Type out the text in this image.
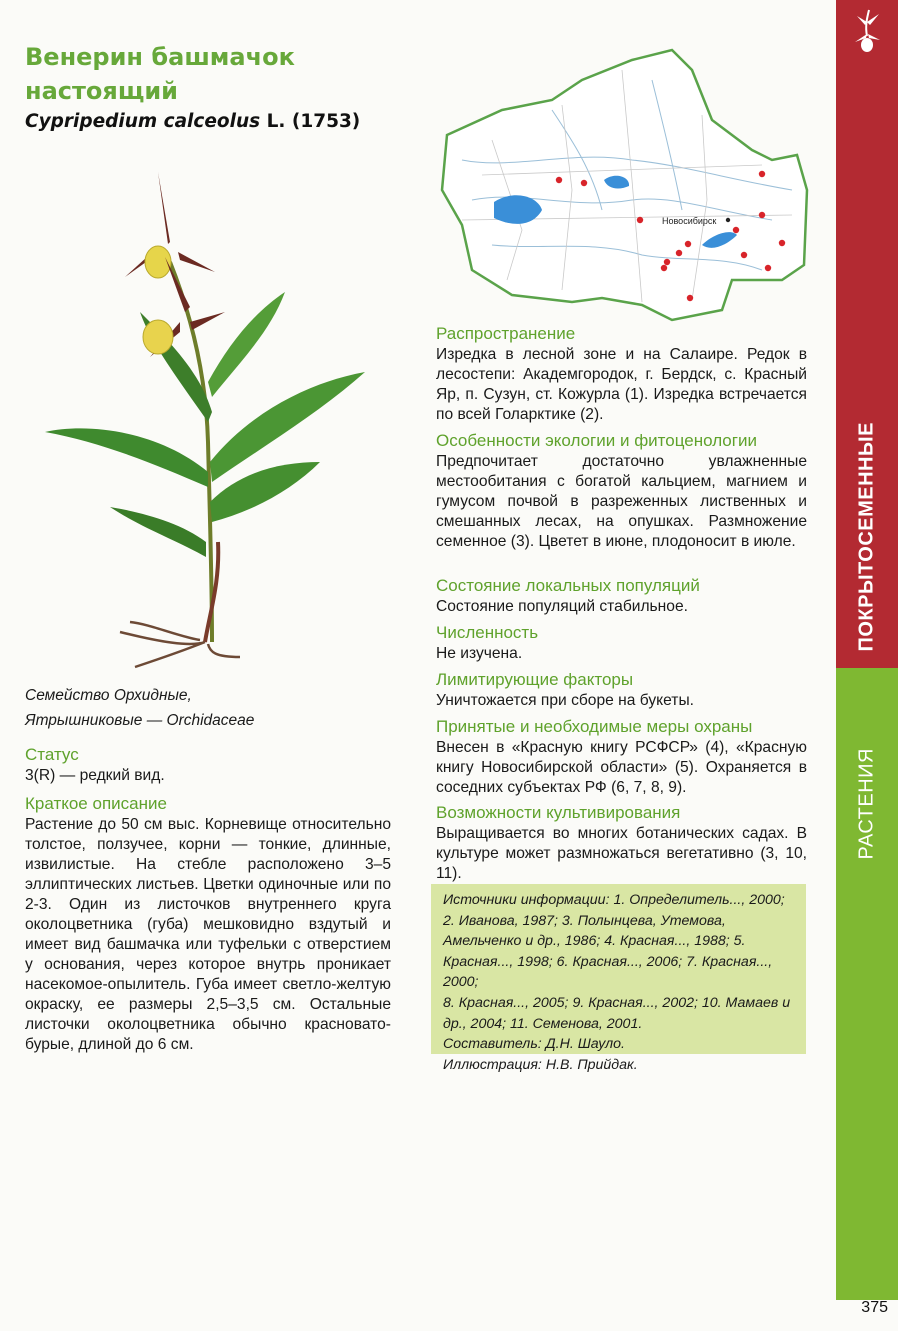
Венерин башмачок
настоящий
Cypripedium calceolus L. (1753)
Семейство Орхидные,
Ятрышниковые — Orchidaceae
Статус

3(R) — редкий вид.

Краткое описание

Растение до 50 см выс. Корневище относительно толстое, ползучее, корни — тонкие, длинные, извилистые. На стебле расположено 3–5 эллиптических листьев. Цветки одиночные или по 2-3. Один из листочков внутреннего круга околоцветника (губа) мешковидно вздутый и имеет вид башмачка или туфельки с отверстием у основания, через которое внутрь проникает насекомое-опылитель. Губа имеет светло-желтую окраску, ее размеры 2,5–3,5 см. Остальные листочки околоцветника обычно красновато-бурые, длиной до 6 см.

Новосибирск
Распространение

Изредка в лесной зоне и на Салаире. Редок в лесостепи: Академгородок, г. Бердск, с. Красный Яр, п. Сузун, ст. Кожурла (1). Изредка встречается по всей Голарктике (2).

Особенности экологии и фитоценологии

Предпочитает достаточно увлажненные местообитания с богатой кальцием, магнием и гумусом почвой в разреженных лиственных и смешанных лесах, на опушках. Размножение семенное (3). Цветет в июне, плодоносит в июле.

Состояние локальных популяций

Состояние популяций стабильное.

Численность

Не изучена.

Лимитирующие факторы

Уничтожается при сборе на букеты.

Принятые и необходимые меры охраны

Внесен в «Красную книгу РСФСР» (4), «Красную книгу Новосибирской области» (5). Охраняется в соседних субъектах РФ (6, 7, 8, 9).

Возможности культивирования

Выращивается во многих ботанических садах. В культуре может размножаться вегетативно (3, 10, 11).

Источники информации: 1. Определитель..., 2000;
2. Иванова, 1987; 3. Полынцева, Утемова, Амельченко и др., 1986; 4. Красная..., 1988; 5. Красная..., 1998; 6. Красная..., 2006; 7. Красная..., 2000;
8. Красная..., 2005; 9. Красная..., 2002; 10. Мамаев и др., 2004; 11. Семенова, 2001.
Составитель: Д.Н. Шауло.
Иллюстрация: Н.В. Прийдак.
ПОКРЫТОСЕМЕННЫЕ
РАСТЕНИЯ
375
